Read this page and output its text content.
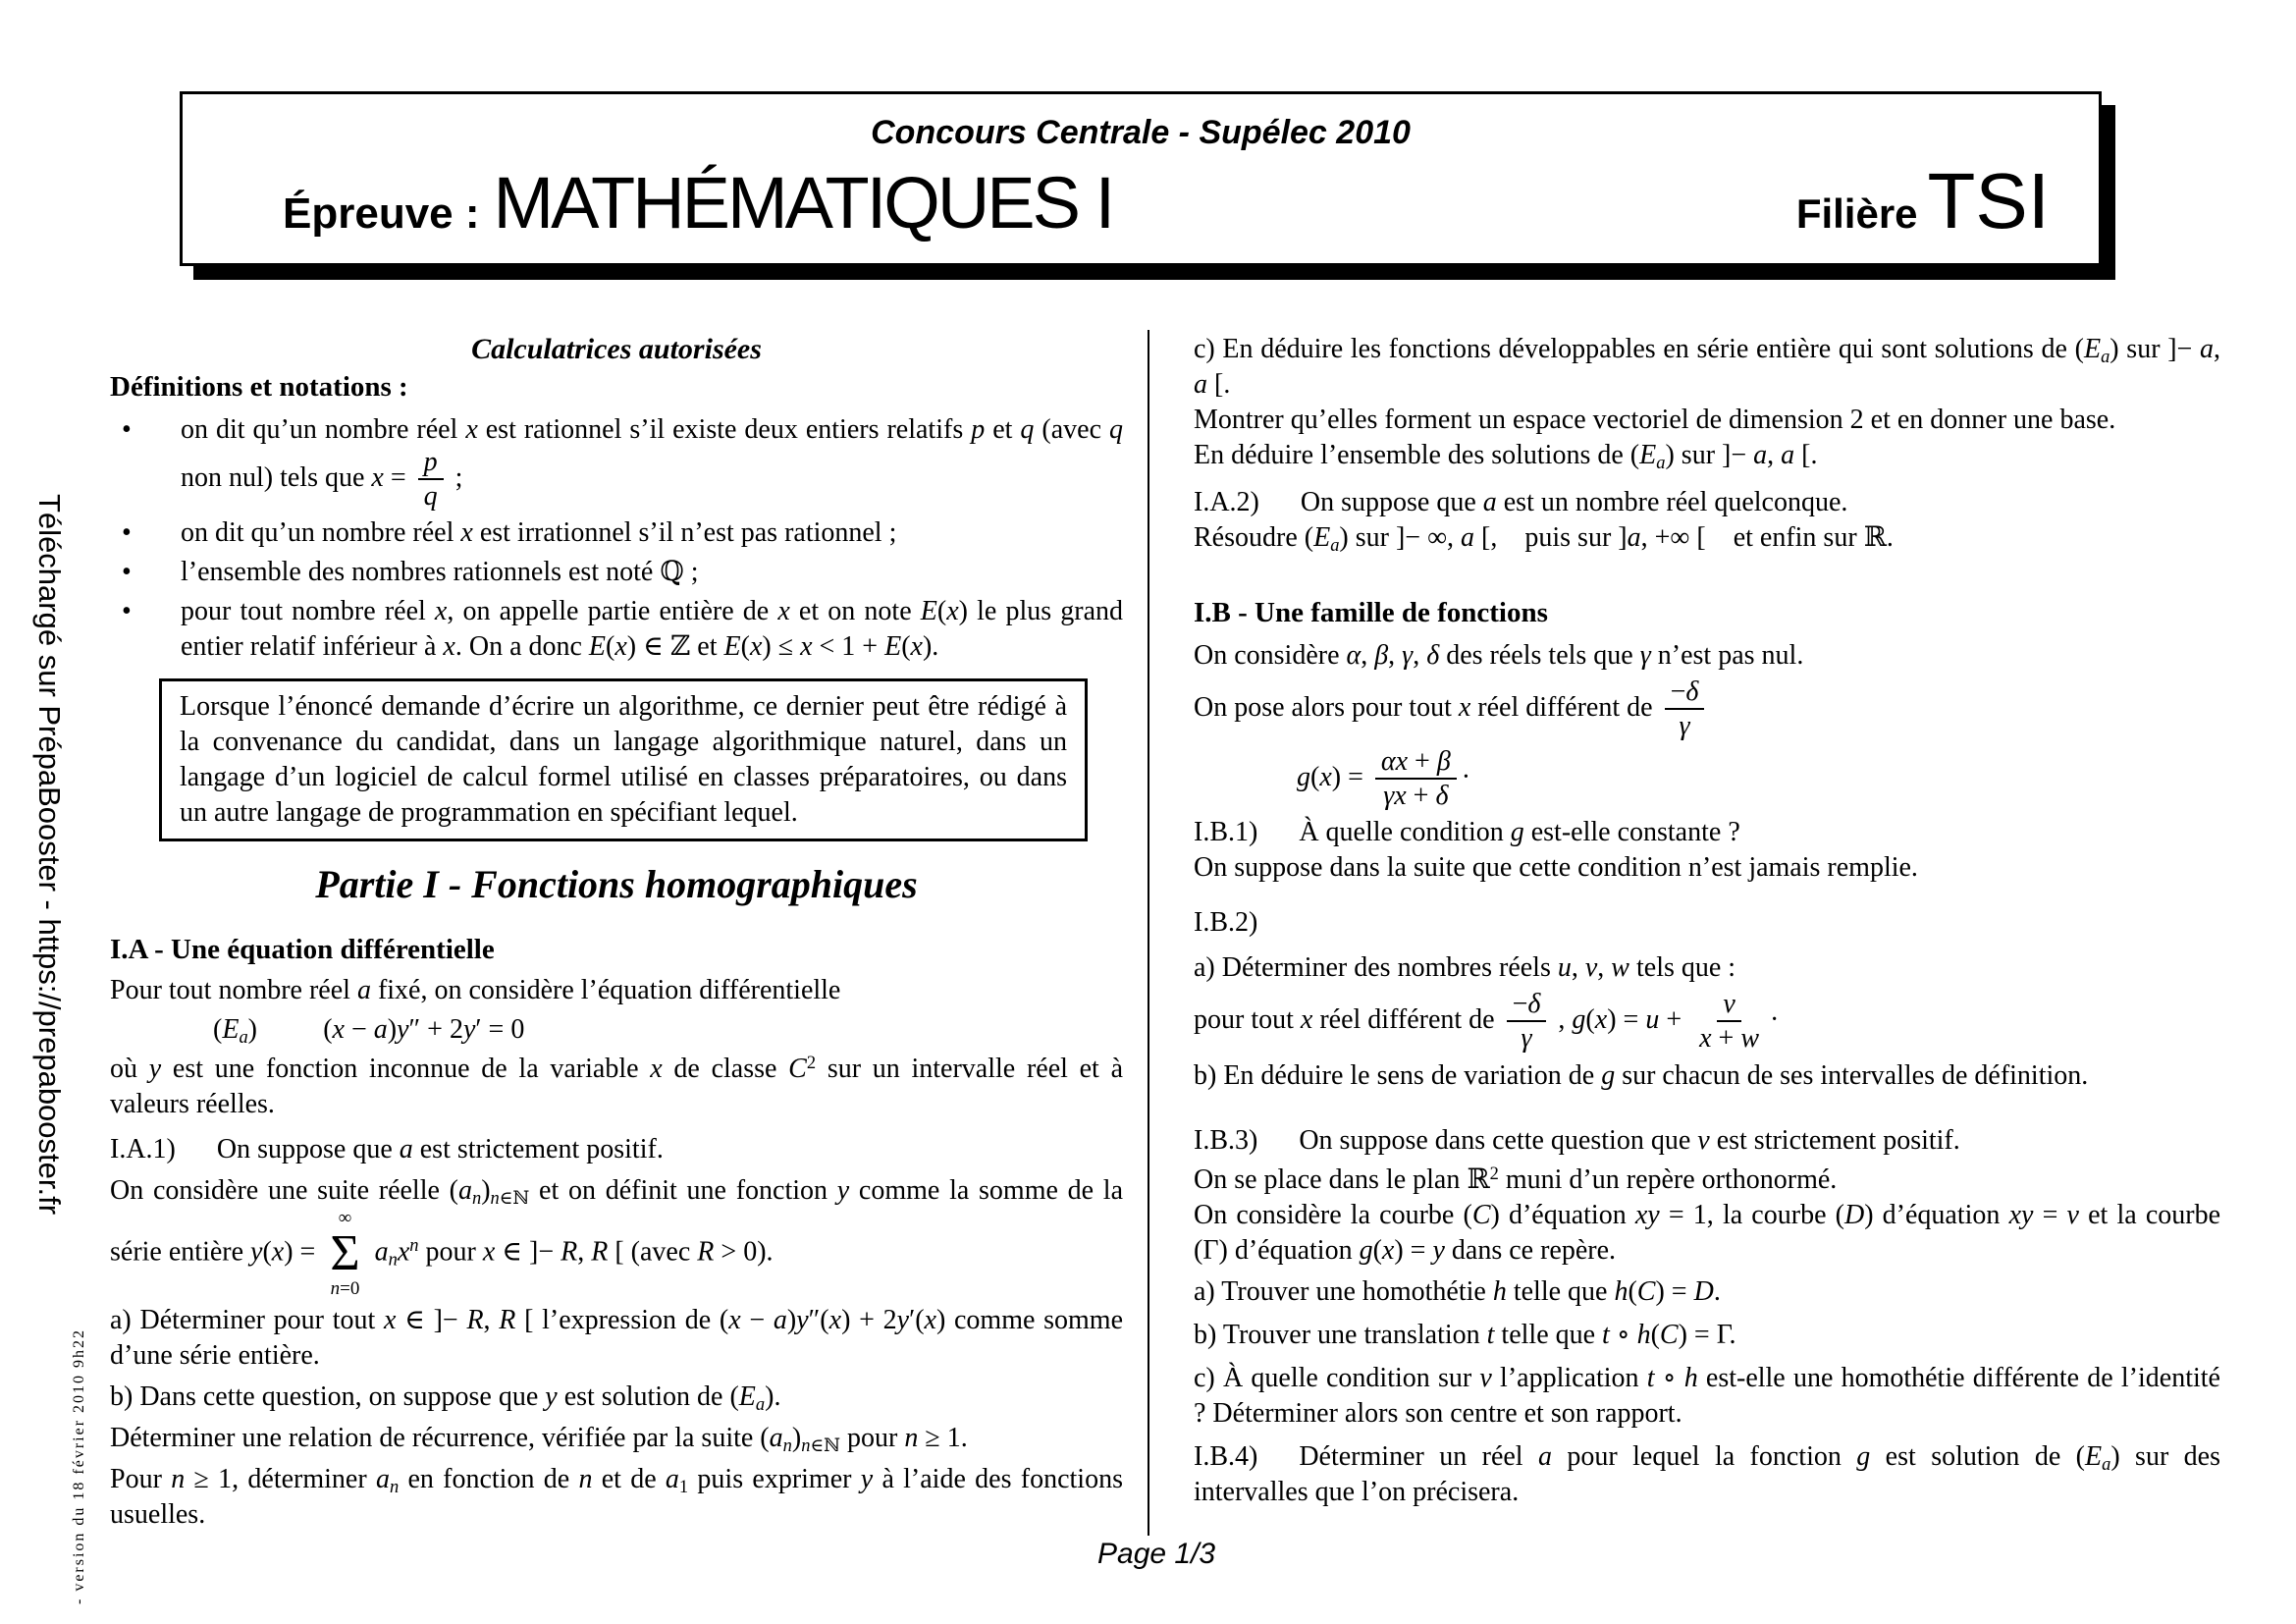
Concours Centrale - Supélec 2010
Épreuve : MATHÉMATIQUES I	Filière TSI
Téléchargé sur PrépaBooster - https://prepabooster.fr
- version du 18 février 2010 9h22
Calculatrices autorisées
Définitions et notations :
• on dit qu’un nombre réel x est rationnel s’il existe deux entiers relatifs p et q (avec q non nul) tels que $x = \frac{p}{q}$ ;
• on dit qu’un nombre réel x est irrationnel s’il n’est pas rationnel ;
• l’ensemble des nombres rationnels est noté ℚ ;
• pour tout nombre réel x, on appelle partie entière de x et on note E(x) le plus grand entier relatif inférieur à x. On a donc E(x) ∈ ℤ et E(x) ≤ x < 1 + E(x).
Lorsque l’énoncé demande d’écrire un algorithme, ce dernier peut être rédigé à la convenance du candidat, dans un langage algorithmique naturel, dans un langage d’un logiciel de calcul formel utilisé en classes préparatoires, ou dans un autre langage de programmation en spécifiant lequel.
Partie I - Fonctions homographiques
I.A - Une équation différentielle
Pour tout nombre réel a fixé, on considère l’équation différentielle
$(E_a) (x - a)y'' + 2y' = 0$
où y est une fonction inconnue de la variable x de classe $C^2$ sur un intervalle réel et à valeurs réelles.
I.A.1) On suppose que a est strictement positif.
On considère une suite réelle $(a_n)_{n\in ℕ}$ et on définit une fonction y comme la somme de la série entière y(x) =
∞
Σ
n=0
$a_nx^n$ pour x ∈ ]− R, R [ (avec R > 0).
a) Déterminer pour tout x ∈ ]− R, R [ l’expression de (x − a)y″(x) + 2y′(x) comme somme d’une série entière.
b) Dans cette question, on suppose que y est solution de $(E_a)$.
Déterminer une relation de récurrence, vérifiée par la suite $(a_n)_{n\in ℕ}$ pour n ≥ 1.
Pour n ≥ 1, déterminer $a_n$ en fonction de n et de $a_1$ puis exprimer y à l’aide des fonctions usuelles.
c) En déduire les fonctions développables en série entière qui sont solutions de $(E_a)$ sur ]− a, a [.
Montrer qu’elles forment un espace vectoriel de dimension 2 et en donner une base.
En déduire l’ensemble des solutions de $(E_a)$ sur ]− a, a [.
I.A.2) On suppose que a est un nombre réel quelconque.
Résoudre $(E_a)$ sur ]− ∞, a [, puis sur ]a, +∞ [ et enfin sur ℝ.
I.B - Une famille de fonctions
On considère α, β, γ, δ des réels tels que γ n’est pas nul.
On pose alors pour tout x réel différent de $\frac{-\delta}{\gamma}$
$g(x) = \frac{\alpha x + \beta}{\gamma x + \delta}$ ·
I.B.1) À quelle condition g est-elle constante ?
On suppose dans la suite que cette condition n’est jamais remplie.
I.B.2)
a) Déterminer des nombres réels u, v, w tels que :
pour tout x réel différent de $\frac{-\delta}{\gamma}$ , $g(x) = u + \frac{v}{x + w}$ ·
b) En déduire le sens de variation de g sur chacun de ses intervalles de définition.
I.B.3) On suppose dans cette question que v est strictement positif.
On se place dans le plan ℝ$^2$ muni d’un repère orthonormé.
On considère la courbe (C) d’équation xy = 1, la courbe (D) d’équation xy = v et la courbe (Γ) d’équation g(x) = y dans ce repère.
a) Trouver une homothétie h telle que h(C) = D.
b) Trouver une translation t telle que t ∘ h(C) = Γ.
c) À quelle condition sur v l’application t ∘ h est-elle une homothétie différente de l’identité ? Déterminer alors son centre et son rapport.
I.B.4) Déterminer un réel a pour lequel la fonction g est solution de $(E_a)$ sur des intervalles que l’on précisera.
Page 1/3
